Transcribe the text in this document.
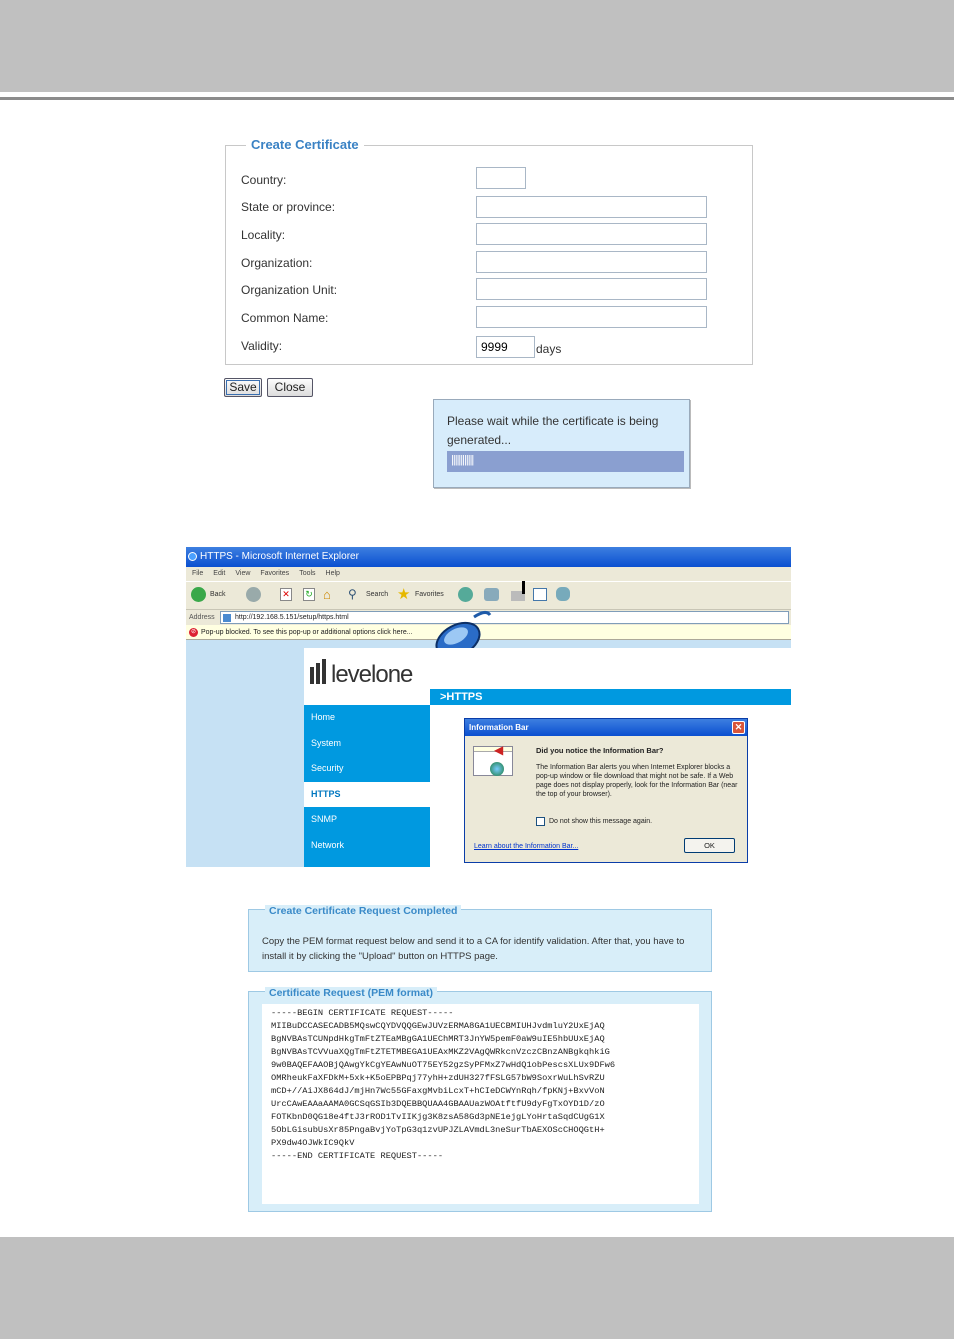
Create Certificate
Country:
State or province:
Locality:
Organization:
Organization Unit:
Common Name:
Validity:
9999	days
Save	Close
Please wait while the certificate is being generated...
||||||||||||
HTTPS - Microsoft Internet Explorer
File Edit View Favorites Tools Help
Back	✕ ↻ ⌂ ⚲ Search ★ Favorites
Address	http://192.168.5.151/setup/https.html
⊘ Pop-up blocked. To see this pop-up or additional options click here...
levelone
>HTTPS
Home
System
Security
HTTPS
SNMP
Network
Information Bar	✕
◀	Did you notice the Information Bar?
The Information Bar alerts you when Internet Explorer blocks a pop-up window or file download that might not be safe. If a Web page does not display properly, look for the Information Bar (near the top of your browser).
Do not show this message again.
Learn about the Information Bar...	OK
Create Certificate Request Completed
Copy the PEM format request below and send it to a CA for identify validation. After that, you have to
install it by clicking the "Upload" button on HTTPS page.
Certificate Request (PEM format)
-----BEGIN CERTIFICATE REQUEST-----
MIIBuDCCASECADB5MQswCQYDVQQGEwJUVzERMA8GA1UECBMIUHJvdmluY2UxEjAQ
BgNVBAsTCUNpdHkgTmFtZTEaMBgGA1UEChMRT3JnYW5pemF0aW9uIE5hbUUxEjAQ
BgNVBAsTCVVuaXQgTmFtZTETMBEGA1UEAxMKZ2VAgQWRkcnVzczCBnzANBgkqhkiG
9w0BAQEFAAOBjQAwgYkCgYEAwNuOT75EY52gzSyPFMxZ7wHdQ1obPescsXLUx9DFw6
OMRheukFaXFDkM+5xk+K5oEPBPqj77yhH+zdUH327fFSLG57bW9SoxrWuLhSvRZU
mCD+//AiJX864dJ/mjHn7Wc55GFaxgMvbiLcxT+hCIeDCWYnRqh/fpKNj+BxvVoN
UrcCAwEAAaAAMA0GCSqGSIb3DQEBBQUAA4GBAAUazWOAtftfU9dyFgTxOYD1D/zO
FOTKbnD0QG18e4ftJ3rROD1TvIIKjg3K8zsA58Gd3pNE1ejgLYoHrtaSqdCUgG1X
5ObLGisubUsXr85PngaBvjYoTpG3q1zvUPJZLAVmdL3neSurTbAEXOScCHOQGtH+
PX9dw4OJWkIC9QkV
-----END CERTIFICATE REQUEST-----
